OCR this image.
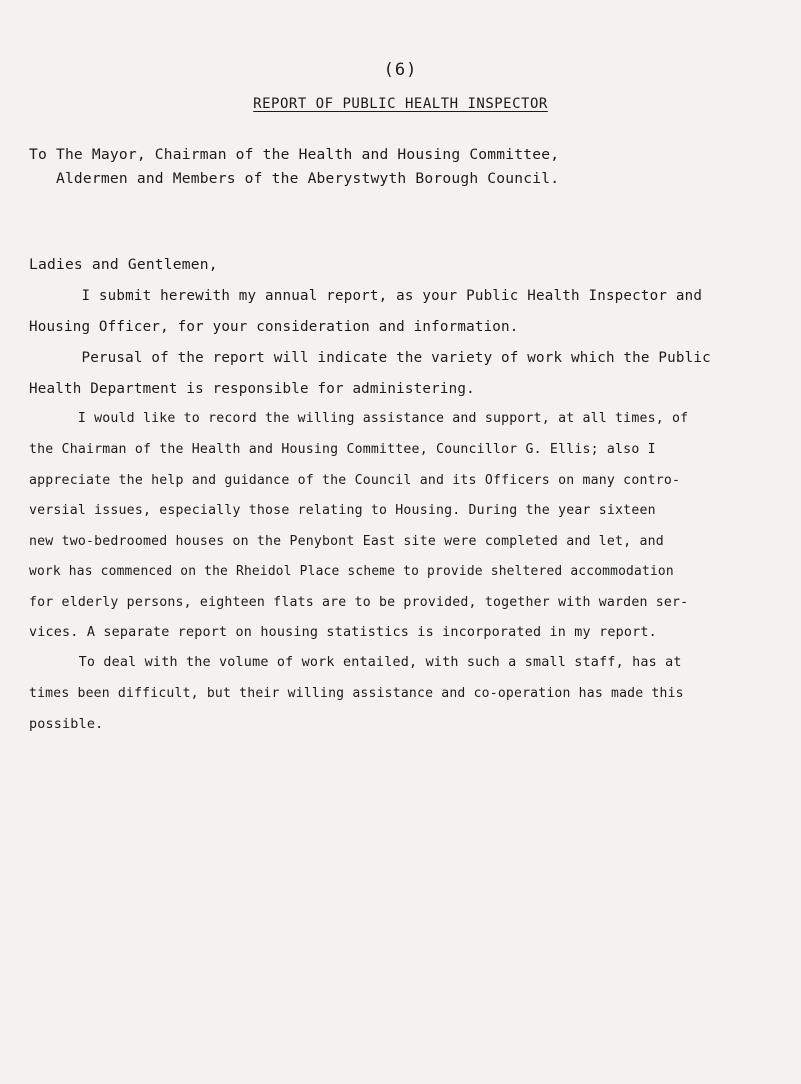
(6)
REPORT OF PUBLIC HEALTH INSPECTOR
To The Mayor, Chairman of the Health and Housing Committee,
Aldermen and Members of the Aberystwyth Borough Council.
Ladies and Gentlemen,
I submit herewith my annual report, as your Public Health Inspector and
Housing Officer, for your consideration and information.
Perusal of the report will indicate the variety of work which the Public
Health Department is responsible for administering.
I would like to record the willing assistance and support, at all times, of
the Chairman of the Health and Housing Committee, Councillor G. Ellis; also I
appreciate the help and guidance of the Council and its Officers on many contro-
versial issues, especially those relating to Housing. During the year sixteen
new two-bedroomed houses on the Penybont East site were completed and let, and
work has commenced on the Rheidol Place scheme to provide sheltered accommodation
for elderly persons, eighteen flats are to be provided, together with warden ser-
vices. A separate report on housing statistics is incorporated in my report.
To deal with the volume of work entailed, with such a small staff, has at
times been difficult, but their willing assistance and co-operation has made this
possible.
